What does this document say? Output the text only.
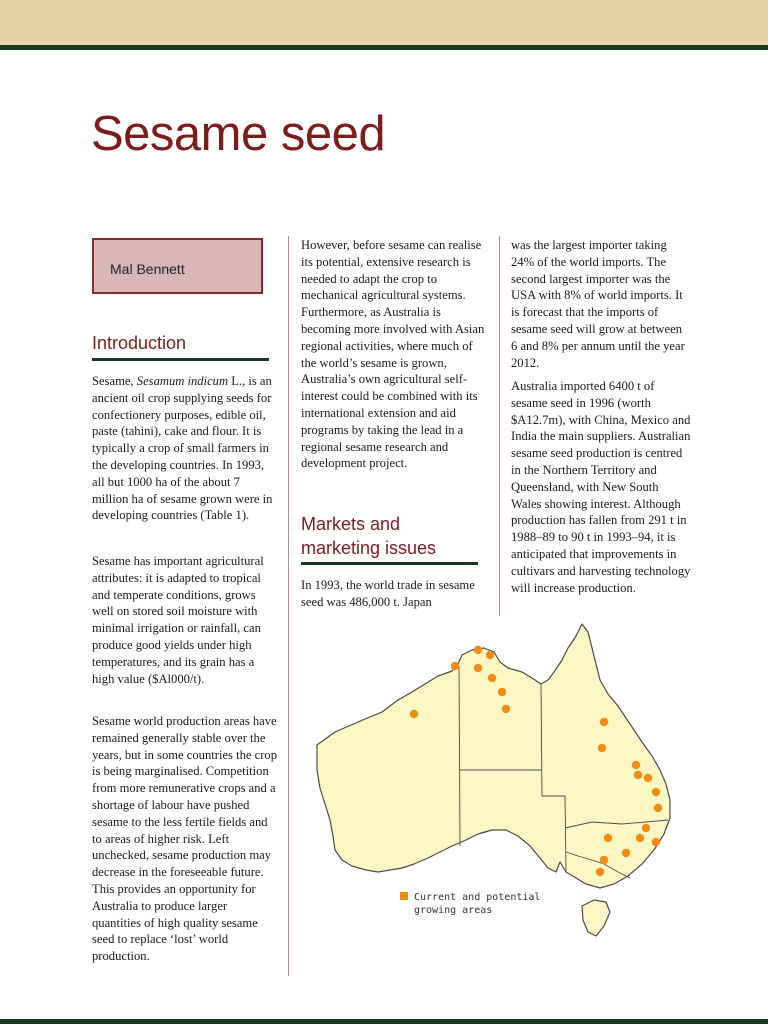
Sesame seed
Mal Bennett
Introduction

Sesame, Sesamum indicum L., is an ancient oil crop supplying seeds for confectionery purposes, edible oil, paste (tahini), cake and flour. It is typically a crop of small farmers in the developing countries. In 1993, all but 1000 ha of the about 7 million ha of sesame grown were in developing countries (Table 1).

Sesame has important agricultural attributes: it is adapted to tropical and temperate conditions, grows well on stored soil moisture with minimal irrigation or rainfall, can produce good yields under high temperatures, and its grain has a high value ($Al000/t).

Sesame world production areas have remained generally stable over the years, but in some countries the crop is being marginalised. Competition from more remunerative crops and a shortage of labour have pushed sesame to the less fertile fields and to areas of higher risk. Left unchecked, sesame production may decrease in the foreseeable future. This provides an opportunity for Australia to produce larger quantities of high quality sesame seed to replace ‘lost’ world production.

However, before sesame can realise its potential, extensive research is needed to adapt the crop to mechanical agricultural systems. Furthermore, as Australia is becoming more involved with Asian regional activities, where much of the world’s sesame is grown, Australia’s own agricultural self-interest could be combined with its international extension and aid programs by taking the lead in a regional sesame research and development project.

Markets and marketing issues

In 1993, the world trade in sesame seed was 486,000 t. Japan

was the largest importer taking 24% of the world imports. The second largest importer was the USA with 8% of world imports. It is forecast that the imports of sesame seed will grow at between 6 and 8% per annum until the year 2012.

Australia imported 6400 t of sesame seed in 1996 (worth $A12.7m), with China, Mexico and India the main suppliers. Australian sesame seed production is centred in the Northern Territory and Queensland, with New South Wales showing interest. Although production has fallen from 291 t in 1988–89 to 90 t in 1993–94, it is anticipated that improvements in cultivars and harvesting technology will increase production.

Current and potential growing areas
